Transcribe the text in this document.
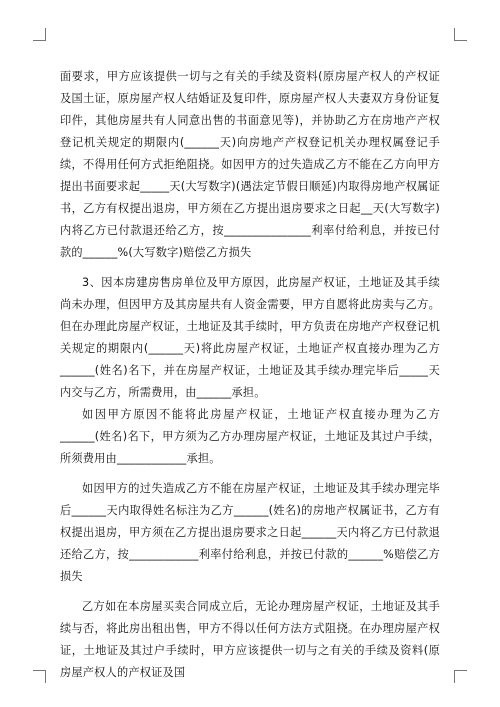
面要求，甲方应该提供一切与之有关的手续及资料(原房屋产权人的产权证及国土证，原房屋产权人结婚证及复印件，原房屋产权人夫妻双方身份证复印件，其他房屋共有人同意出售的书面意见等)，并协助乙方在房地产产权登记机关规定的期限内(______天)向房地产产权登记机关办理权属登记手续，不得用任何方式拒绝阻挠。如因甲方的过失造成乙方不能在乙方向甲方提出书面要求起_____天(大写数字)(遇法定节假日顺延)内取得房地产权属证书，乙方有权提出退房，甲方须在乙方提出退房要求之日起__天(大写数字)内将乙方已付款退还给乙方，按_______________利率付给利息，并按已付款的______%(大写数字)赔偿乙方损失

3、因本房建房售房单位及甲方原因，此房屋产权证，土地证及其手续尚未办理，但因甲方及其房屋共有人资金需要，甲方自愿将此房卖与乙方。但在办理此房屋产权证，土地证及其手续时，甲方负责在房地产产权登记机关规定的期限内(______天)将此房屋产权证，土地证产权直接办理为乙方______(姓名)名下，并在房屋产权证，土地证及其手续办理完毕后_____天内交与乙方，所需费用，由______承担。

如因甲方原因不能将此房屋产权证，土地证产权直接办理为乙方______(姓名)名下，甲方须为乙方办理房屋产权证，土地证及其过户手续，所须费用由____________承担。

如因甲方的过失造成乙方不能在房屋产权证，土地证及其手续办理完毕后______天内取得姓名标注为乙方______(姓名)的房地产权属证书，乙方有权提出退房，甲方须在乙方提出退房要求之日起______天内将乙方已付款退还给乙方，按____________利率付给利息，并按已付款的______%赔偿乙方损失

乙方如在本房屋买卖合同成立后，无论办理房屋产权证，土地证及其手续与否，将此房出租出售，甲方不得以任何方法方式阻挠。在办理房屋产权证，土地证及其过户手续时，甲方应该提供一切与之有关的手续及资料(原房屋产权人的产权证及国
